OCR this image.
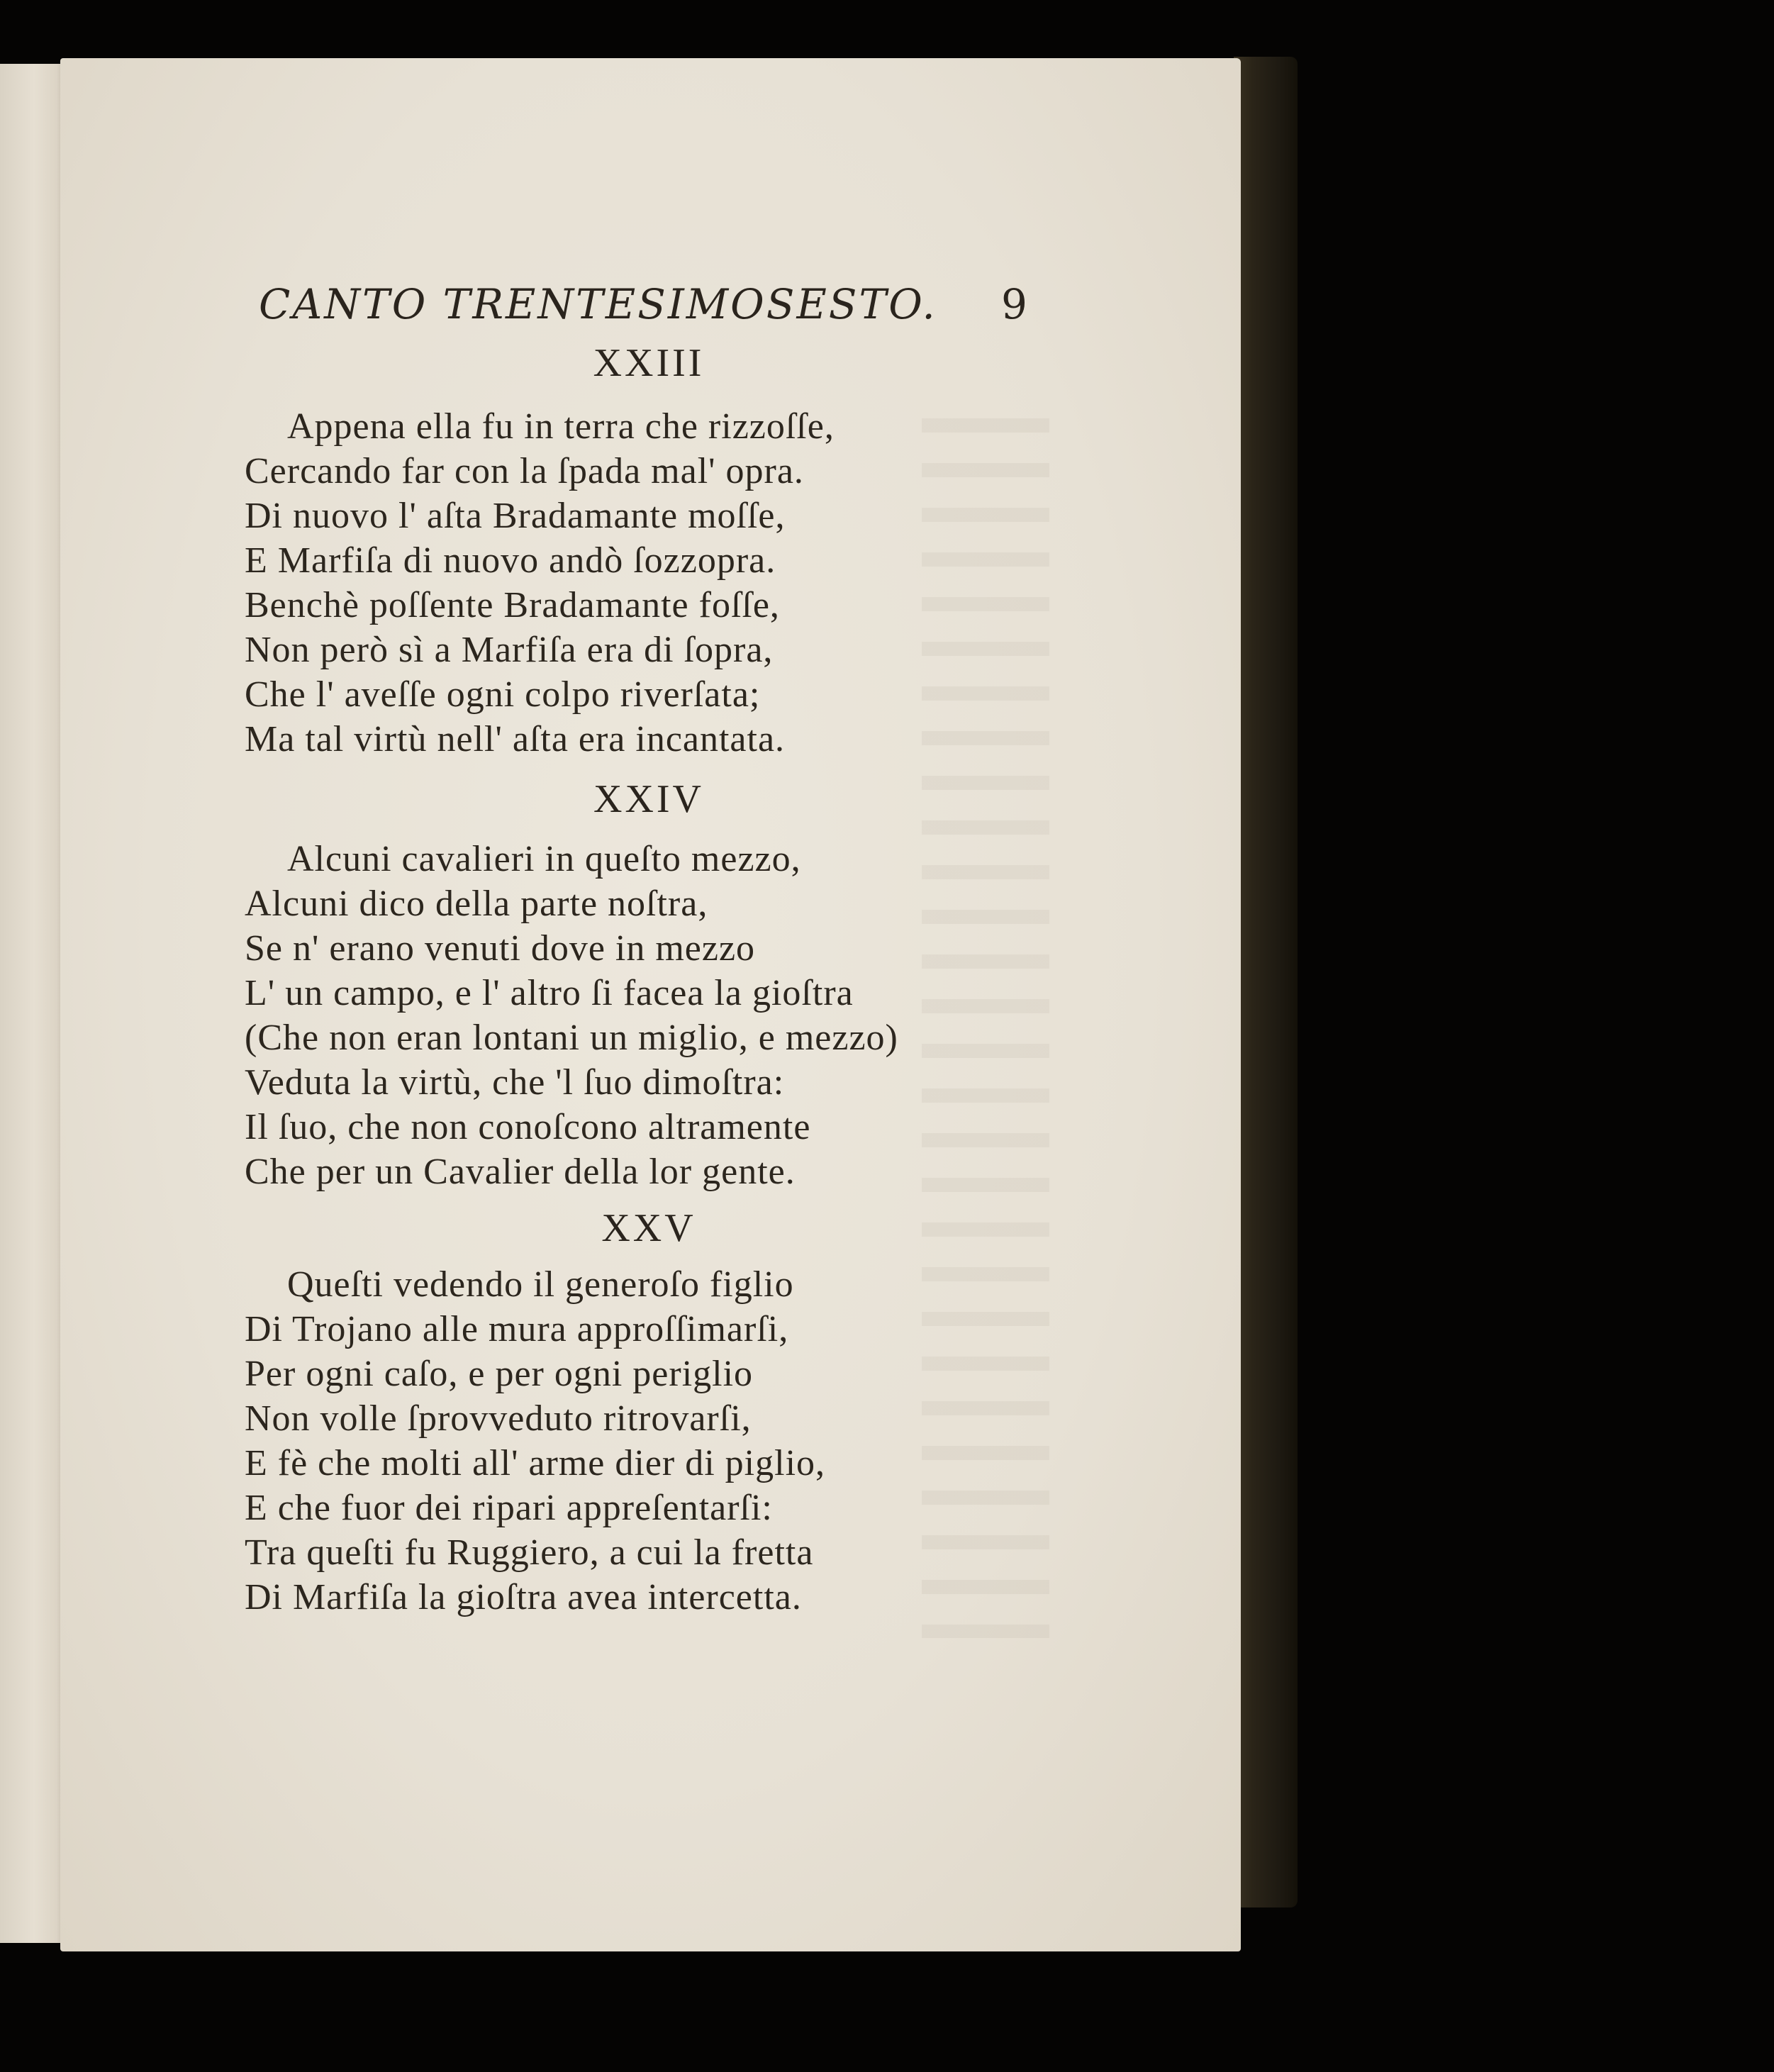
CANTO TRENTESIMOSESTO. 9
XXIII
Appena ella fu in terra che rizzoſſe,
Cercando far con la ſpada mal' opra.
Di nuovo l' aſta Bradamante moſſe,
E Marfiſa di nuovo andò ſozzopra.
Benchè poſſente Bradamante foſſe,
Non però sì a Marfiſa era di ſopra,
Che l' aveſſe ogni colpo riverſata;
Ma tal virtù nell' aſta era incantata.
XXIV
Alcuni cavalieri in queſto mezzo,
Alcuni dico della parte noſtra,
Se n' erano venuti dove in mezzo
L' un campo, e l' altro ſi facea la gioſtra
(Che non eran lontani un miglio, e mezzo)
Veduta la virtù, che 'l ſuo dimoſtra:
Il ſuo, che non conoſcono altramente
Che per un Cavalier della lor gente.
XXV
Queſti vedendo il generoſo figlio
Di Trojano alle mura approſſimarſi,
Per ogni caſo, e per ogni periglio
Non volle ſprovveduto ritrovarſi,
E fè che molti all' arme dier di piglio,
E che fuor dei ripari appreſentarſi:
Tra queſti fu Ruggiero, a cui la fretta
Di Marfiſa la gioſtra avea intercetta.
